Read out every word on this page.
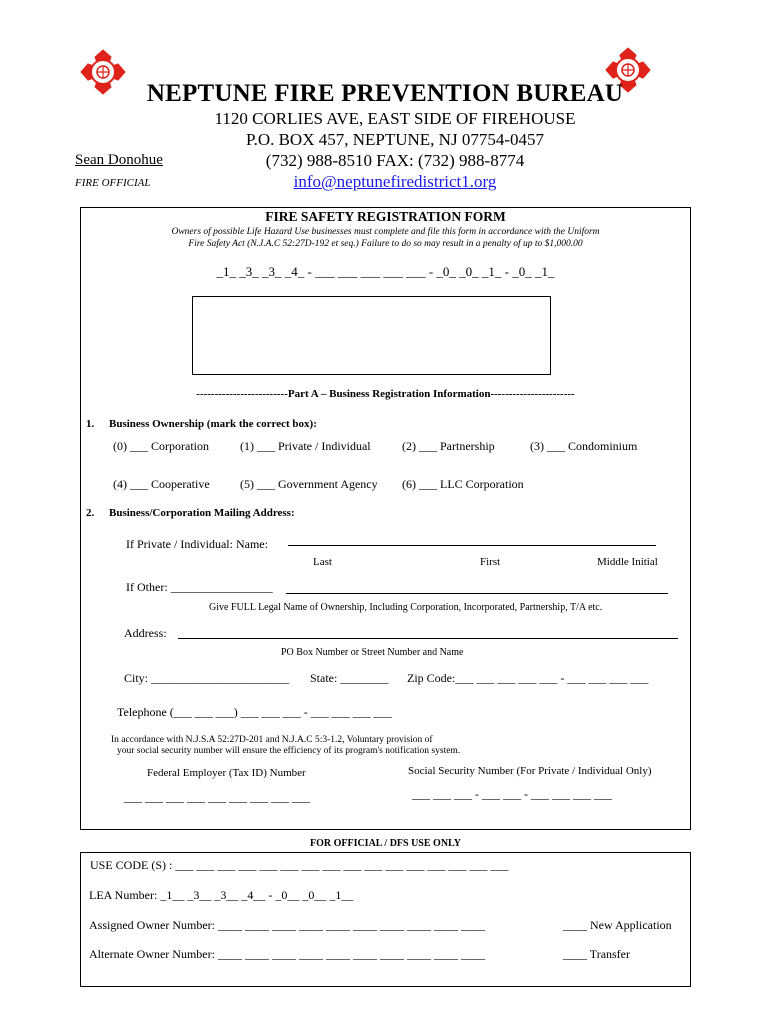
NEPTUNE FIRE PREVENTION BUREAU
1120 CORLIES AVE, EAST SIDE OF FIREHOUSE
P.O. BOX 457, NEPTUNE, NJ 07754-0457
(732) 988-8510 FAX: (732) 988-8774
info@neptunefiredistrict1.org
Sean Donohue
FIRE OFFICIAL
FIRE SAFETY REGISTRATION FORM
Owners of possible Life Hazard Use businesses must complete and file this form in accordance with the Uniform
Fire Safety Act (N.J.A.C 52:27D-192 et seq.) Failure to do so may result in a penalty of up to $1,000.00
_1_ _3_ _3_ _4_ - ___ ___ ___ ___ ___ - _0_ _0_ _1_ - _0_ _1_
-------------------------Part A – Business Registration Information-----------------------
1. Business Ownership (mark the correct box):
(0) ___ Corporation	(1) ___ Private / Individual	(2) ___ Partnership	(3) ___ Condominium
(4) ___ Cooperative	(5) ___ Government Agency (6) ___ LLC Corporation
2. Business/Corporation Mailing Address:
If Private / Individual: Name:
Last	First	Middle Initial
If Other: _________________
Give FULL Legal Name of Ownership, Including Corporation, Incorporated, Partnership, T/A etc.
Address:
PO Box Number or Street Number and Name
City: _______________________ State: ________ Zip Code:___ ___ ___ ___ ___ - ___ ___ ___ ___
Telephone (___ ___ ___) ___ ___ ___ - ___ ___ ___ ___
In accordance with N.J.S.A 52:27D-201 and N.J.A.C 5:3-1.2, Voluntary provision of
your social security number will ensure the efficiency of its program's notification system.
Federal Employer (Tax ID) Number	Social Security Number (For Private / Individual Only)
___ ___ ___ ___ ___ ___ ___ ___ ___	___ ___ ___ - ___ ___ - ___ ___ ___ ___
FOR OFFICIAL / DFS USE ONLY
USE CODE (S) : ___ ___ ___ ___ ___ ___ ___ ___ ___ ___ ___ ___ ___ ___ ___ ___
LEA Number: _1__ _3__ _3__ _4__ - _0__ _0__ _1__
Assigned Owner Number: ____ ____ ____ ____ ____ ____ ____ ____ ____ ____	____ New Application
Alternate Owner Number: ____ ____ ____ ____ ____ ____ ____ ____ ____ ____	____ Transfer
